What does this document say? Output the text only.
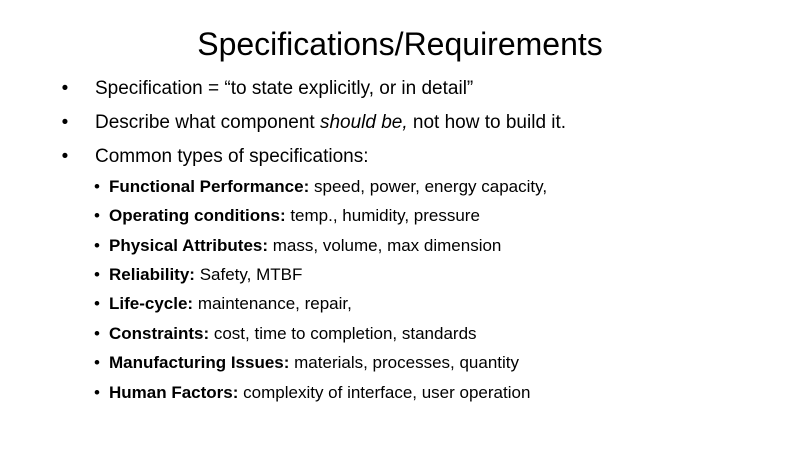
Specifications/Requirements
• Specification = “to state explicitly, or in detail”
• Describe what component should be, not how to build it.
• Common types of specifications:
• Functional Performance: speed, power, energy capacity,
• Operating conditions: temp., humidity, pressure
• Physical Attributes: mass, volume, max dimension
• Reliability: Safety, MTBF
• Life-cycle: maintenance, repair,
• Constraints: cost, time to completion, standards
• Manufacturing Issues: materials, processes, quantity
• Human Factors: complexity of interface, user operation
